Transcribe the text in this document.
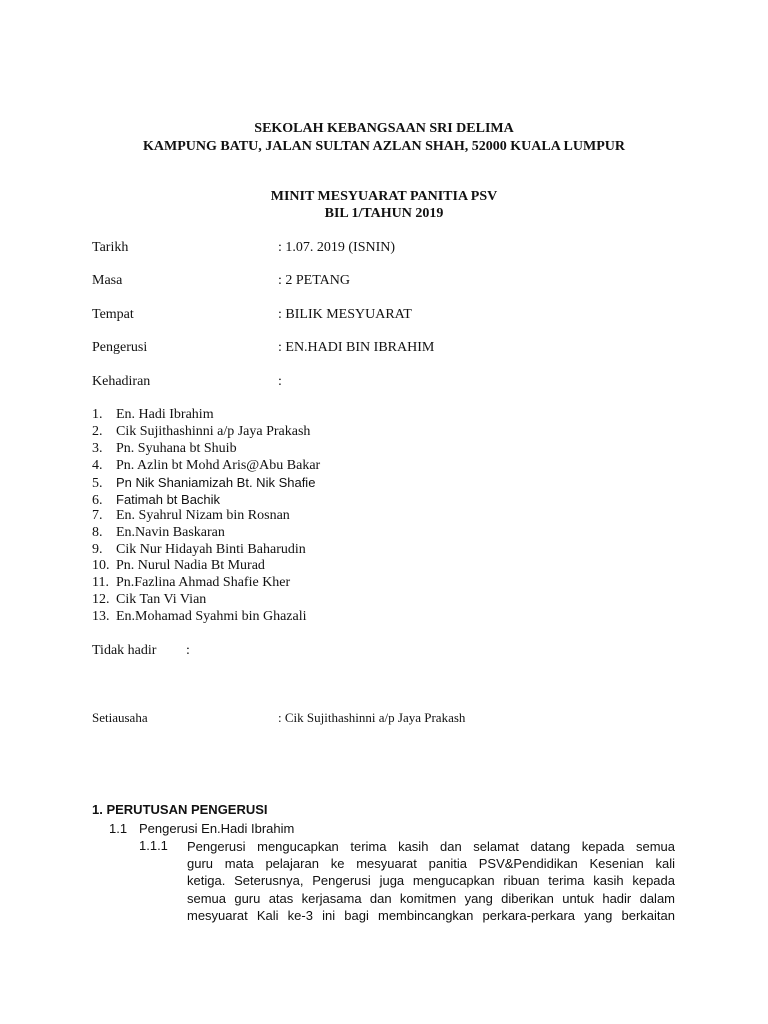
SEKOLAH KEBANGSAAN SRI DELIMA
KAMPUNG BATU, JALAN SULTAN AZLAN SHAH, 52000 KUALA LUMPUR
MINIT MESYUARAT PANITIA PSV
BIL 1/TAHUN 2019
Tarikh	: 1.07. 2019 (ISNIN)
Masa	: 2 PETANG
Tempat	: BILIK MESYUARAT
Pengerusi	: EN.HADI BIN IBRAHIM
Kehadiran	:
1. En. Hadi Ibrahim
2. Cik Sujithashinni a/p Jaya Prakash
3. Pn. Syuhana bt Shuib
4. Pn. Azlin bt Mohd Aris@Abu Bakar
5. Pn Nik Shaniamizah Bt. Nik Shafie
6. Fatimah bt Bachik
7. En. Syahrul Nizam bin Rosnan
8. En.Navin Baskaran
9. Cik Nur Hidayah Binti Baharudin
10. Pn. Nurul Nadia Bt Murad
11. Pn.Fazlina Ahmad Shafie Kher
12. Cik Tan Vi Vian
13. En.Mohamad Syahmi bin Ghazali
Tidak hadir :
Setiausaha	: Cik Sujithashinni a/p Jaya Prakash
1. PERUTUSAN PENGERUSI
1.1 Pengerusi En.Hadi Ibrahim
1.1.1 Pengerusi mengucapkan terima kasih dan selamat datang kepada semua
guru mata pelajaran ke mesyuarat panitia PSV&Pendidikan Kesenian kali
ketiga. Seterusnya, Pengerusi juga mengucapkan ribuan terima kasih kepada
semua guru atas kerjasama dan komitmen yang diberikan untuk hadir dalam
mesyuarat Kali ke-3 ini bagi membincangkan perkara-perkara yang berkaitan
